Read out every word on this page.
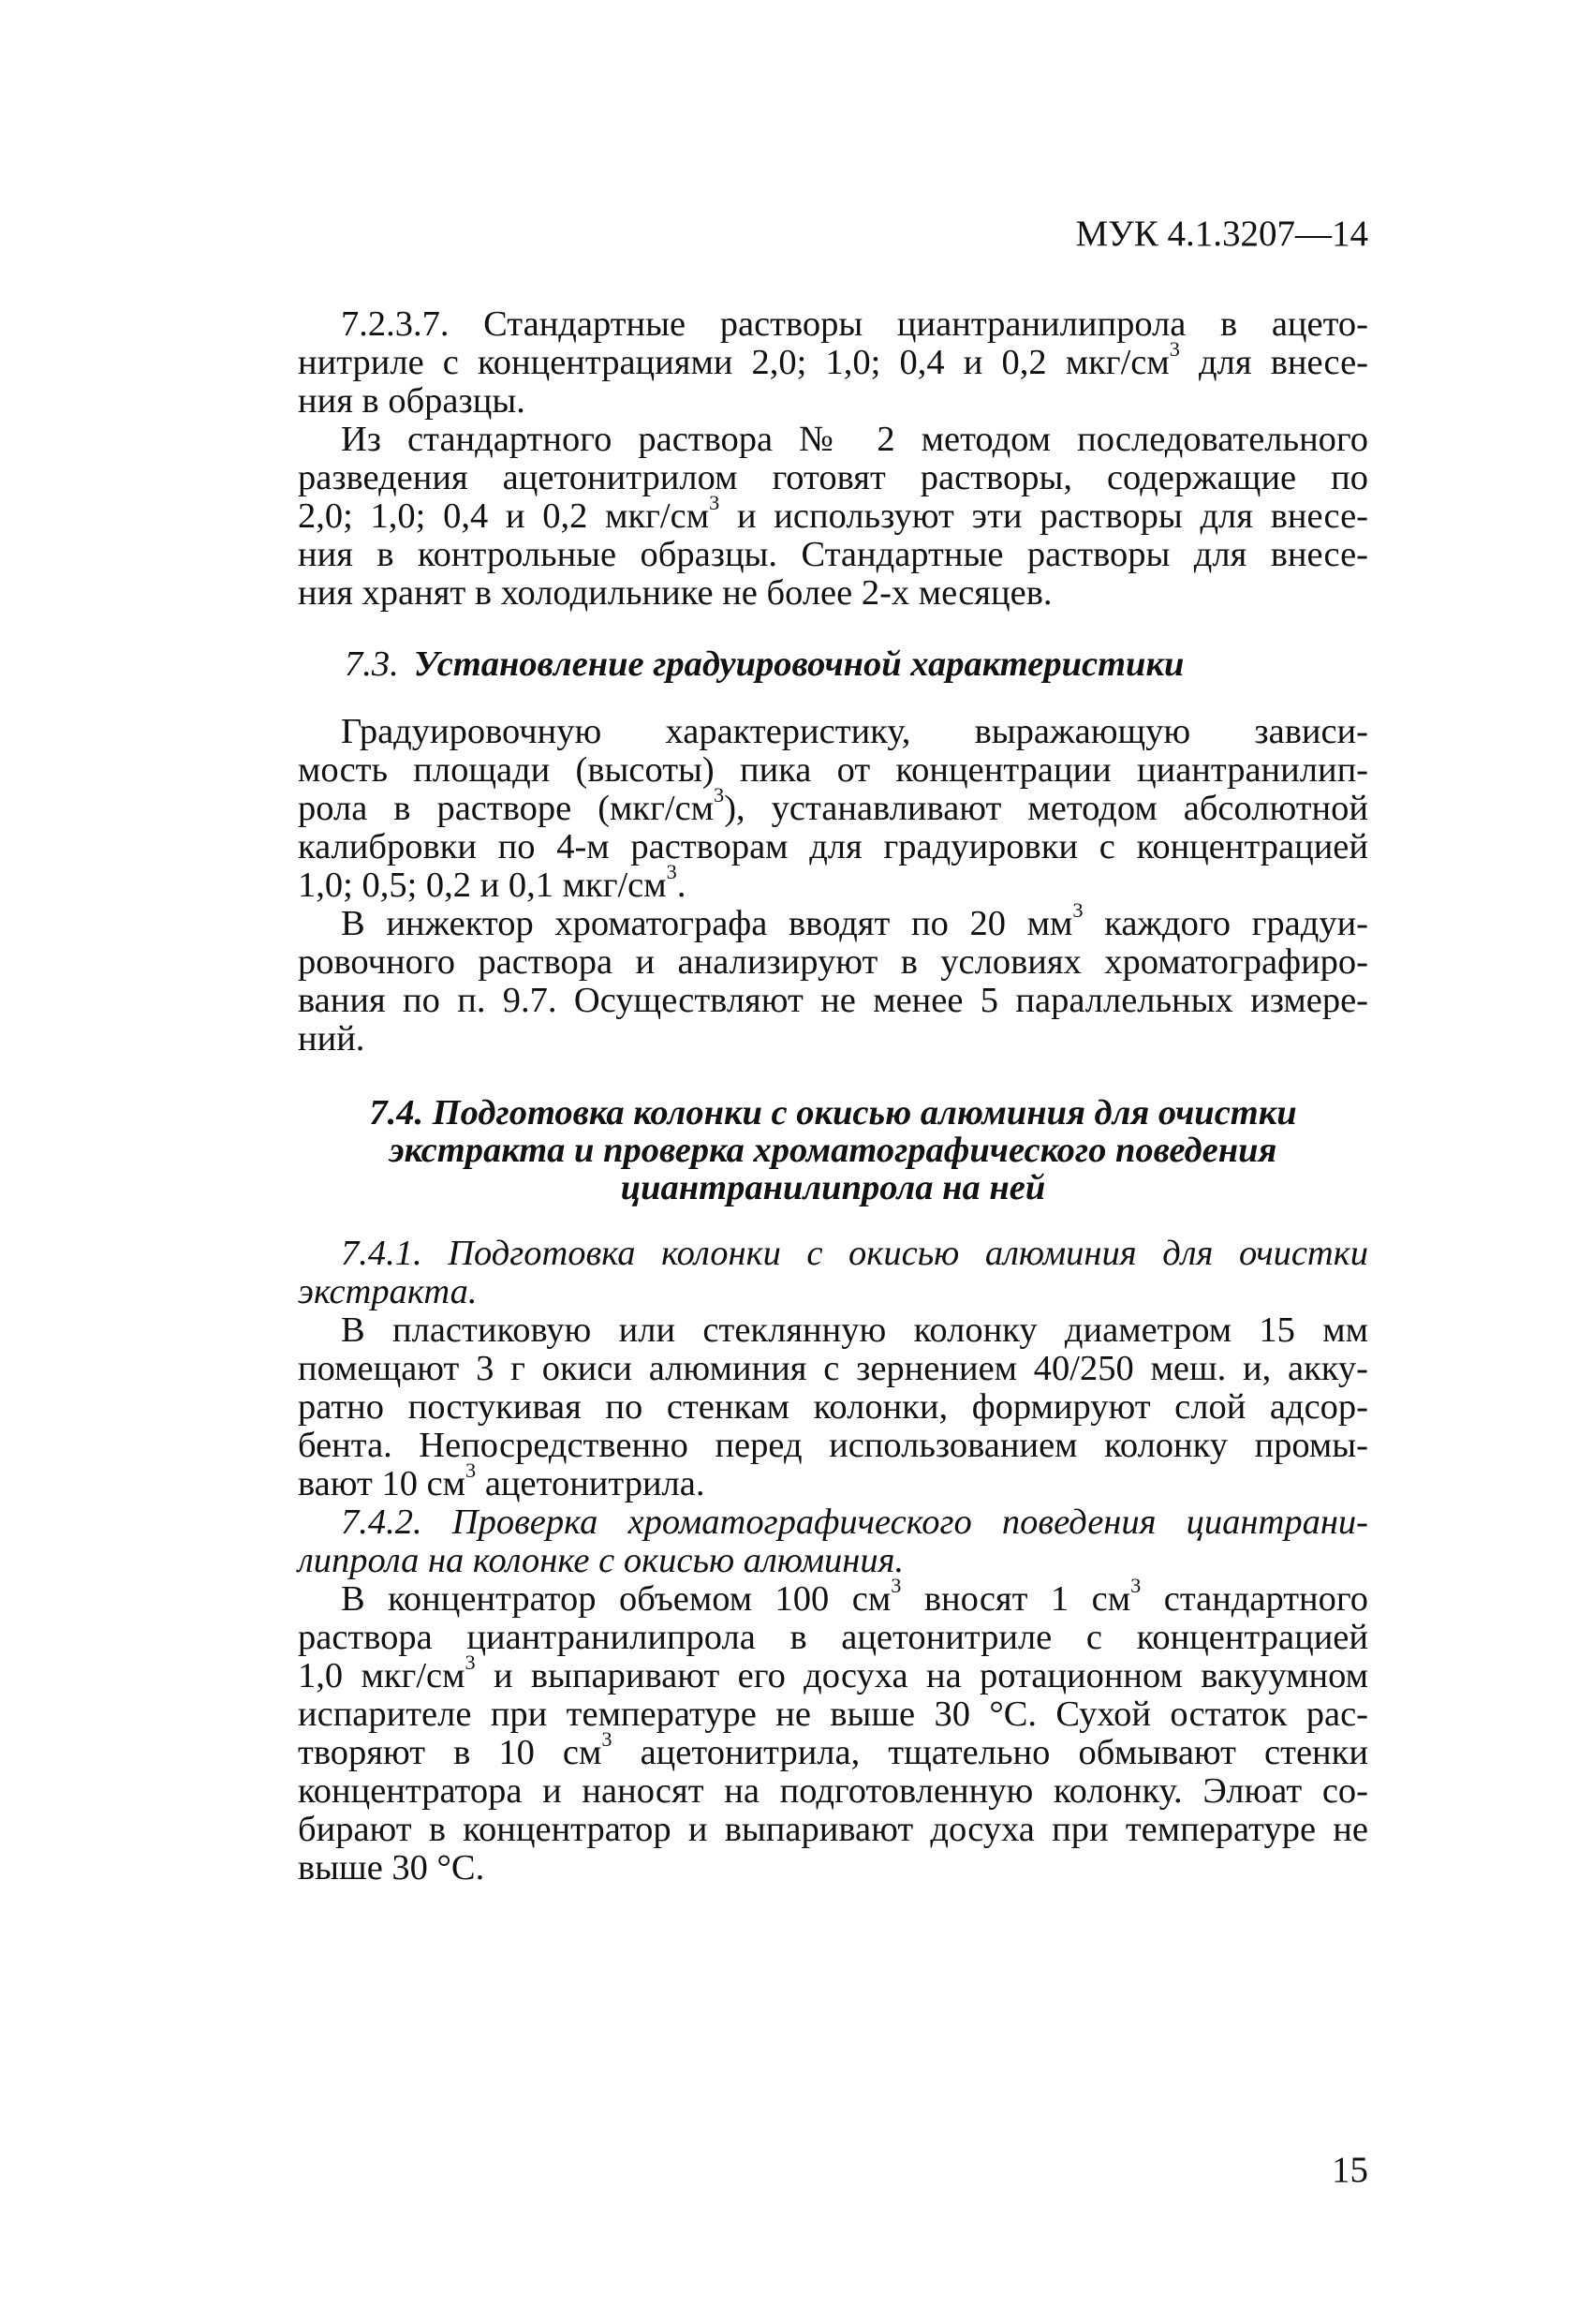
МУК 4.1.3207—14
7.2.3.7. Стандартные растворы циантранилипрола в ацето-
нитриле с концентрациями 2,0; 1,0; 0,4 и 0,2 мкг/$см^3$ для внесе-
ния в образцы.
Из стандартного раствора № 2 методом последовательного
разведения ацетонитрилом готовят растворы, содержащие по
2,0; 1,0; 0,4 и 0,2 мкг/$см^3$ и используют эти растворы для внесе-
ния в контрольные образцы. Стандартные растворы для внесе-
ния хранят в холодильнике не более 2-х месяцев.
7.3. Установление градуировочной характеристики
Градуировочную характеристику, выражающую зависи-
мость площади (высоты) пика от концентрации циантранилип-
рола в растворе $(мкг/см^3)$, устанавливают методом абсолютной
калибровки по 4-м растворам для градуировки с концентрацией
1,0; 0,5; 0,2 и 0,1 мкг/$см^3$.
В инжектор хроматографа вводят по 20 $мм^3$ каждого градуи-
ровочного раствора и анализируют в условиях хроматографиро-
вания по п. 9.7. Осуществляют не менее 5 параллельных измере-
ний.
7.4. Подготовка колонки с окисью алюминия для очистки
экстракта и проверка хроматографического поведения
циантранилипрола на ней
7.4.1. Подготовка колонки с окисью алюминия для очистки
экстракта.
В пластиковую или стеклянную колонку диаметром 15 мм
помещают 3 г окиси алюминия с зернением 40/250 меш. и, акку-
ратно постукивая по стенкам колонки, формируют слой адсор-
бента. Непосредственно перед использованием колонку промы-
вают 10 $см^3$ ацетонитрила.
7.4.2. Проверка хроматографического поведения циантрани-
липрола на колонке с окисью алюминия.
В концентратор объемом 100 $см^3$ вносят 1 $см^3$ стандартного
раствора циантранилипрола в ацетонитриле с концентрацией
1,0 мкг/$см^3$ и выпаривают его досуха на ротационном вакуумном
испарителе при температуре не выше 30 °С. Сухой остаток рас-
творяют в 10 $см^3$ ацетонитрила, тщательно обмывают стенки
концентратора и наносят на подготовленную колонку. Элюат со-
бирают в концентратор и выпаривают досуха при температуре не
выше 30 °С.
15
